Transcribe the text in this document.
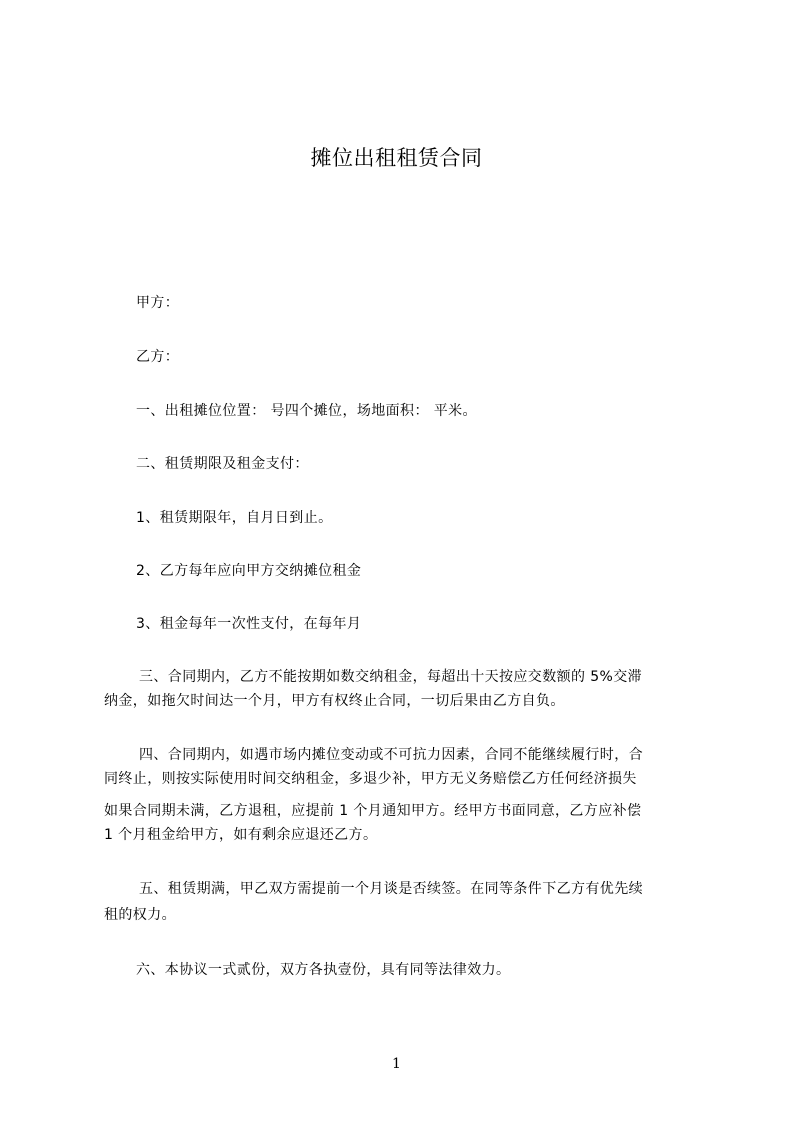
摊位出租租赁合同
甲方：
乙方：
一、出租摊位位置： 号四个摊位，场地面积： 平米。
二、租赁期限及租金支付：
1、租赁期限年，自月日到止。
2、乙方每年应向甲方交纳摊位租金
3、租金每年一次性支付，在每年月
三、合同期内，乙方不能按期如数交纳租金，每超出十天按应交数额的 5%交滞
纳金，如拖欠时间达一个月，甲方有权终止合同，一切后果由乙方自负。
四、合同期内，如遇市场内摊位变动或不可抗力因素，合同不能继续履行时，合
同终止，则按实际使用时间交纳租金，多退少补，甲方无义务赔偿乙方任何经济损失
如果合同期未满，乙方退租，应提前 1 个月通知甲方。经甲方书面同意，乙方应补偿
1 个月租金给甲方，如有剩余应退还乙方。
五、租赁期满，甲乙双方需提前一个月谈是否续签。在同等条件下乙方有优先续
租的权力。
六、本协议一式贰份，双方各执壹份，具有同等法律效力。
1
